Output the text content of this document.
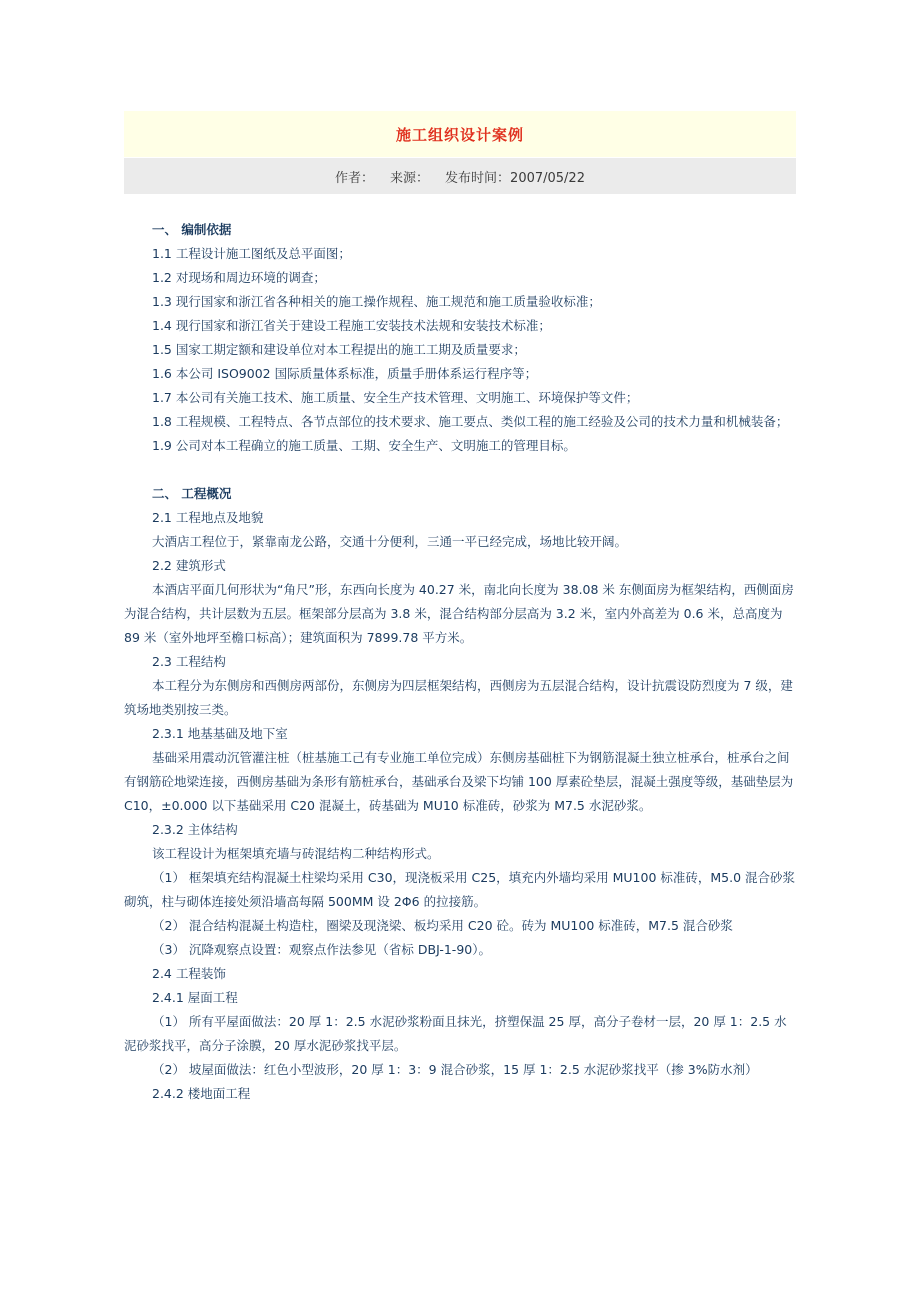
施工组织设计案例
作者： 来源： 发布时间：2007/05/22

一、 编制依据

1.1 工程设计施工图纸及总平面图；

1.2 对现场和周边环境的调查；

1.3 现行国家和浙江省各种相关的施工操作规程、施工规范和施工质量验收标准；

1.4 现行国家和浙江省关于建设工程施工安装技术法规和安装技术标准；

1.5 国家工期定额和建设单位对本工程提出的施工工期及质量要求；

1.6 本公司 ISO9002 国际质量体系标准，质量手册体系运行程序等；

1.7 本公司有关施工技术、施工质量、安全生产技术管理、文明施工、环境保护等文件；

1.8 工程规模、工程特点、各节点部位的技术要求、施工要点、类似工程的施工经验及公司的技术力量和机械装备；

1.9 公司对本工程确立的施工质量、工期、安全生产、文明施工的管理目标。

二、 工程概况

2.1 工程地点及地貌

大酒店工程位于，紧靠南龙公路，交通十分便利，三通一平已经完成，场地比较开阔。

2.2 建筑形式

本酒店平面几何形状为“角尺”形，东西向长度为 40.27 米，南北向长度为 38.08 米 东侧面房为框架结构，西侧面房为混合结构，共计层数为五层。框架部分层高为 3.8 米，混合结构部分层高为 3.2 米，室内外高差为 0.6 米，总高度为 89 米（室外地坪至檐口标高）；建筑面积为 7899.78 平方米。

2.3 工程结构

本工程分为东侧房和西侧房两部份，东侧房为四层框架结构，西侧房为五层混合结构，设计抗震设防烈度为 7 级，建筑场地类别按三类。

2.3.1 地基基础及地下室

基础采用震动沉管灌注桩（桩基施工己有专业施工单位完成）东侧房基础桩下为钢筋混凝土独立桩承台，桩承台之间有钢筋砼地梁连接，西侧房基础为条形有筋桩承台，基础承台及梁下均铺 100 厚素砼垫层，混凝土强度等级，基础垫层为 C10，±0.000 以下基础采用 C20 混凝土，砖基础为 MU10 标准砖，砂浆为 M7.5 水泥砂浆。

2.3.2 主体结构

该工程设计为框架填充墙与砖混结构二种结构形式。

（1） 框架填充结构混凝土柱梁均采用 C30，现浇板采用 C25，填充内外墙均采用 MU100 标准砖，M5.0 混合砂浆砌筑，柱与砌体连接处须沿墙高每隔 500MM 设 2Φ6 的拉接筋。

（2） 混合结构混凝土构造柱，圈梁及现浇梁、板均采用 C20 砼。砖为 MU100 标准砖，M7.5 混合砂浆

（3） 沉降观察点设置：观察点作法参见（省标 DBJ-1-90）。

2.4 工程装饰

2.4.1 屋面工程

（1） 所有平屋面做法：20 厚 1：2.5 水泥砂浆粉面且抹光，挤塑保温 25 厚，高分子卷材一层，20 厚 1：2.5 水泥砂浆找平，高分子涂膜，20 厚水泥砂浆找平层。

（2） 坡屋面做法：红色小型波形，20 厚 1：3：9 混合砂浆，15 厚 1：2.5 水泥砂浆找平（掺 3%防水剂）

2.4.2 楼地面工程
